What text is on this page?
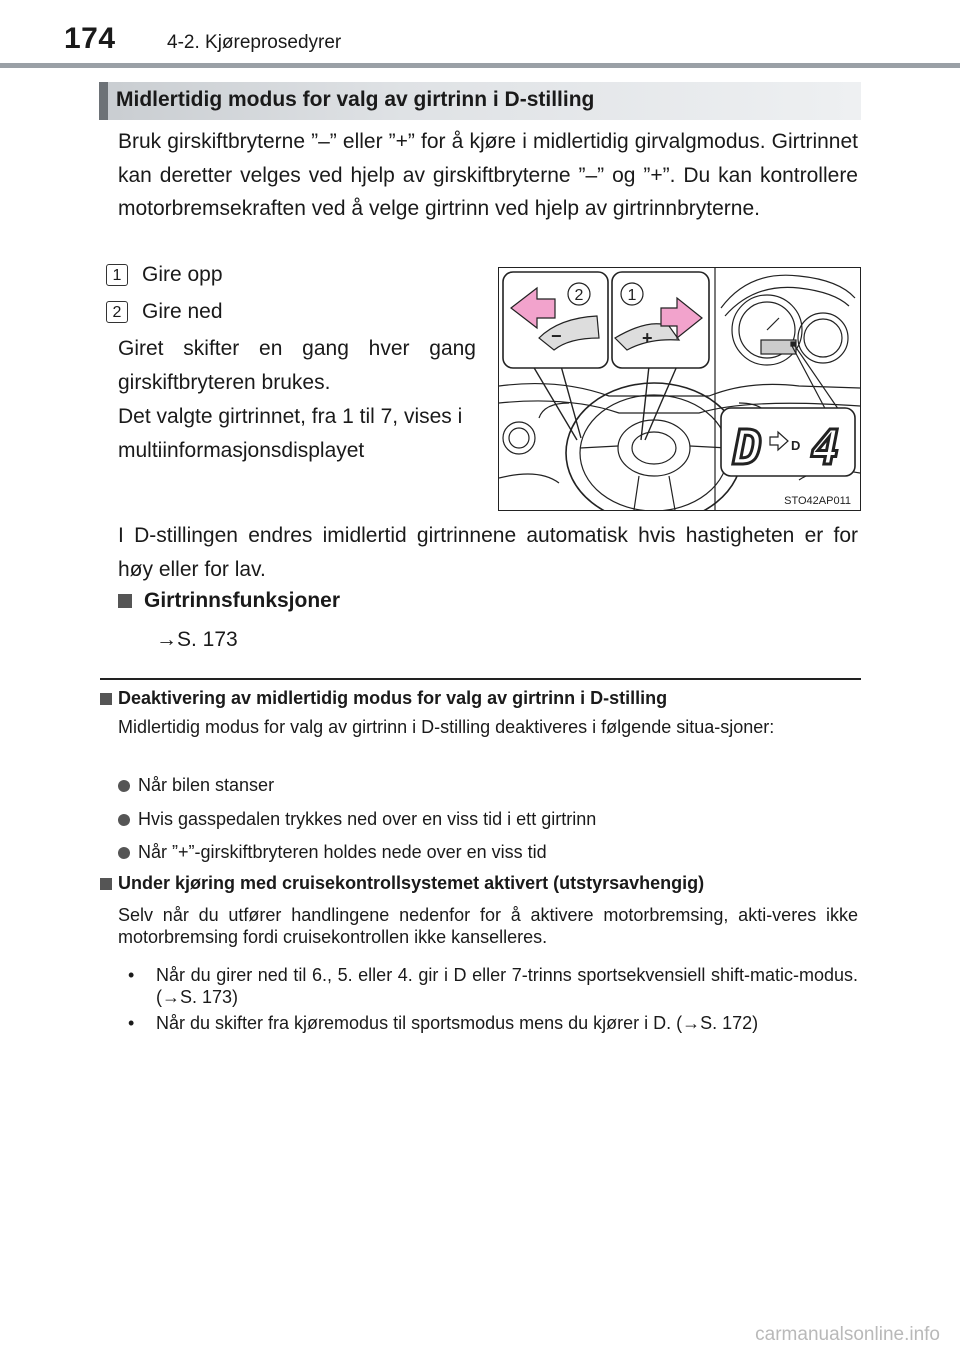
174	4-2. Kjøreprosedyrer
Midlertidig modus for valg av girtrinn i D-stilling
Bruk girskiftbryterne ”–” eller ”+” for å kjøre i midlertidig girvalgmodus. Girtrinnet kan deretter velges ved hjelp av girskiftbryterne ”–” og ”+”. Du kan kontrollere motorbremsekraften ved å velge girtrinn ved hjelp av girtrinnbryterne.
1 Gire opp
2 Gire ned
Giret skifter en gang hver gang girskiftbryteren brukes.
Det valgte girtrinnet, fra 1 til 7, vises i multiinformasjonsdisplayet
−
2
+
1
D D 4
STO42AP011
I D-stillingen endres imidlertid girtrinnene automatisk hvis hastigheten er for høy eller for lav.
Girtrinnsfunksjoner
→S. 173
Deaktivering av midlertidig modus for valg av girtrinn i D-stilling
Midlertidig modus for valg av girtrinn i D-stilling deaktiveres i følgende situa-sjoner:
Når bilen stanser
Hvis gasspedalen trykkes ned over en viss tid i ett girtrinn
Når ”+”-girskiftbryteren holdes nede over en viss tid
Under kjøring med cruisekontrollsystemet aktivert (utstyrsavhengig)
Selv når du utfører handlingene nedenfor for å aktivere motorbremsing, akti-veres ikke motorbremsing fordi cruisekontrollen ikke kanselleres.
•	Når du girer ned til 6., 5. eller 4. gir i D eller 7-trinns sportsekvensiell shift-matic-modus. (→S. 173)
•	Når du skifter fra kjøremodus til sportsmodus mens du kjører i D. (→S. 172)
carmanualsonline.info
